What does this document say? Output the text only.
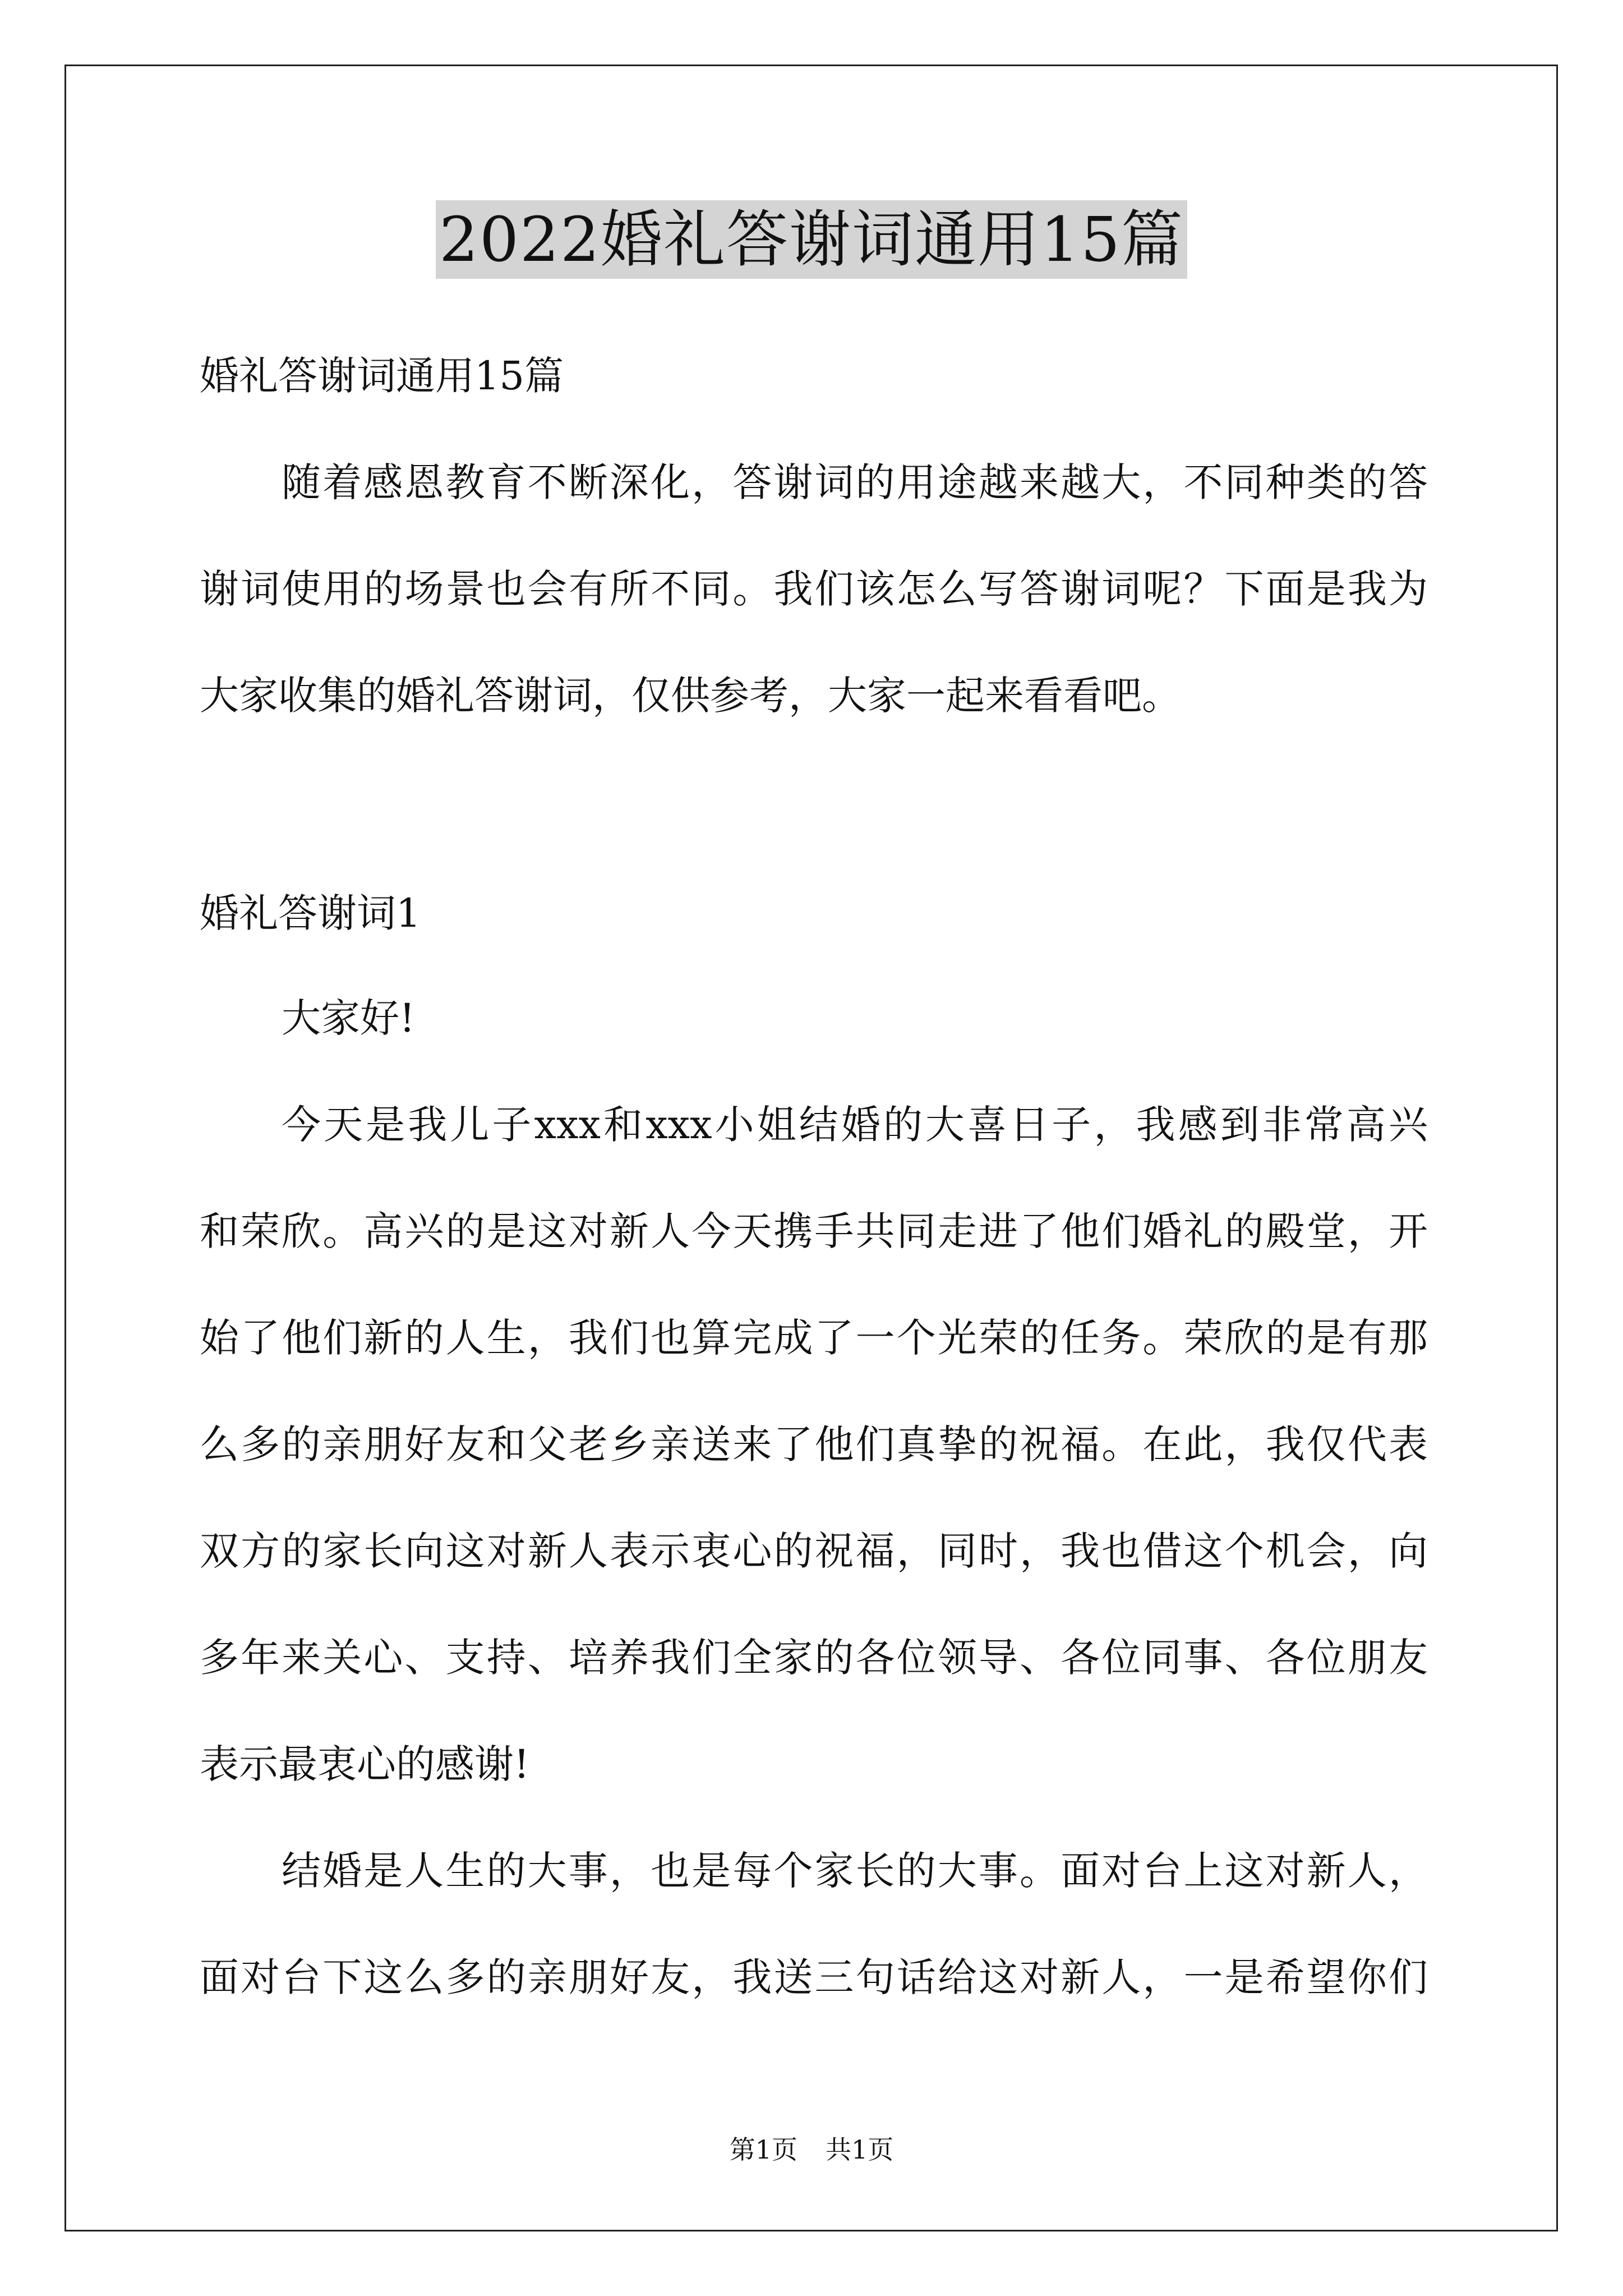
2022婚礼答谢词通用15篇
婚礼答谢词通用15篇
随着感恩教育不断深化，答谢词的用途越来越大，不同种类的答
谢词使用的场景也会有所不同。我们该怎么写答谢词呢？下面是我为
大家收集的婚礼答谢词，仅供参考，大家一起来看看吧。
婚礼答谢词1
大家好!
今天是我儿子xxx和xxx小姐结婚的大喜日子，我感到非常高兴
和荣欣。高兴的是这对新人今天携手共同走进了他们婚礼的殿堂，开
始了他们新的人生，我们也算完成了一个光荣的任务。荣欣的是有那
么多的亲朋好友和父老乡亲送来了他们真挚的祝福。在此，我仅代表
双方的家长向这对新人表示衷心的祝福，同时，我也借这个机会，向
多年来关心、支持、培养我们全家的各位领导、各位同事、各位朋友
表示最衷心的感谢!
结婚是人生的大事，也是每个家长的大事。面对台上这对新人，
面对台下这么多的亲朋好友，我送三句话给这对新人，一是希望你们
第1页 共1页
